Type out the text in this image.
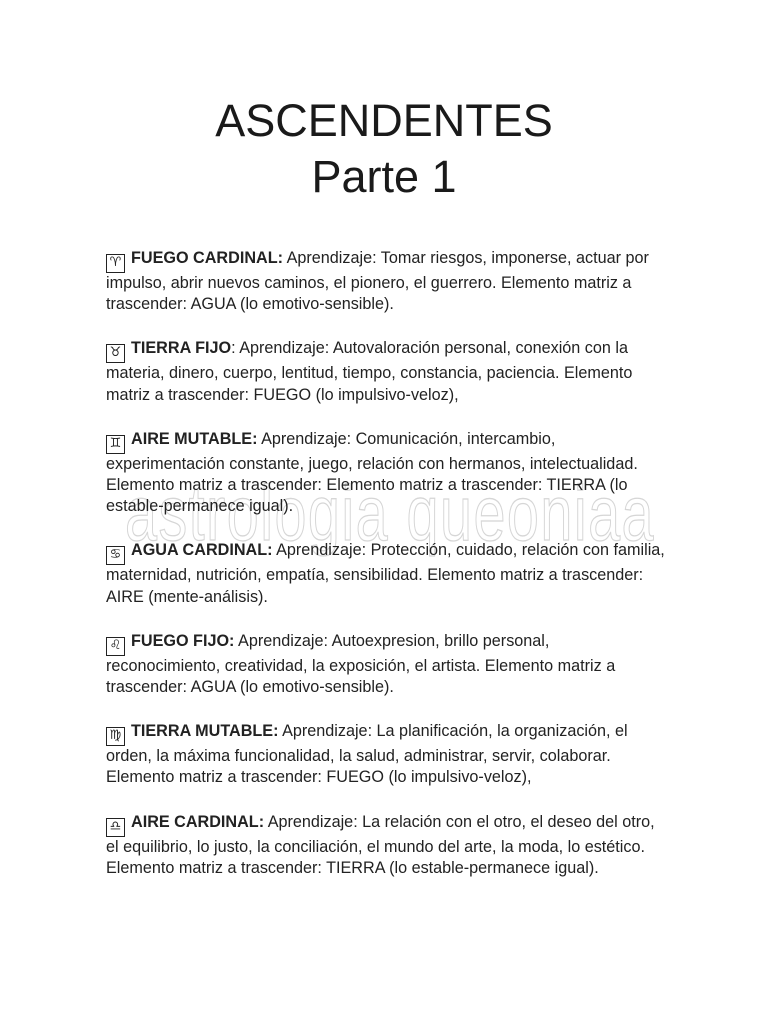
ASCENDENTES
Parte 1
astrologia queoniaa

♈ FUEGO CARDINAL: Aprendizaje: Tomar riesgos, imponerse, actuar por impulso, abrir nuevos caminos, el pionero, el guerrero. Elemento matriz a trascender: AGUA (lo emotivo-sensible).

♉ TIERRA FIJO: Aprendizaje: Autovaloración personal, conexión con la materia, dinero, cuerpo, lentitud, tiempo, constancia, paciencia. Elemento matriz a trascender: FUEGO (lo impulsivo-veloz),

♊ AIRE MUTABLE: Aprendizaje: Comunicación, intercambio, experimentación constante, juego, relación con hermanos, intelectualidad. Elemento matriz a trascender: Elemento matriz a trascender: TIERRA (lo estable-permanece igual).

♋ AGUA CARDINAL: Aprendizaje: Protección, cuidado, relación con familia, maternidad, nutrición, empatía, sensibilidad. Elemento matriz a trascender: AIRE (mente-análisis).

♌ FUEGO FIJO: Aprendizaje: Autoexpresion, brillo personal, reconocimiento, creatividad, la exposición, el artista. Elemento matriz a trascender: AGUA (lo emotivo-sensible).

♍ TIERRA MUTABLE: Aprendizaje: La planificación, la organización, el orden, la máxima funcionalidad, la salud, administrar, servir, colaborar. Elemento matriz a trascender: FUEGO (lo impulsivo-veloz),

♎ AIRE CARDINAL: Aprendizaje: La relación con el otro, el deseo del otro, el equilibrio, lo justo, la conciliación, el mundo del arte, la moda, lo estético. Elemento matriz a trascender: TIERRA (lo estable-permanece igual).
